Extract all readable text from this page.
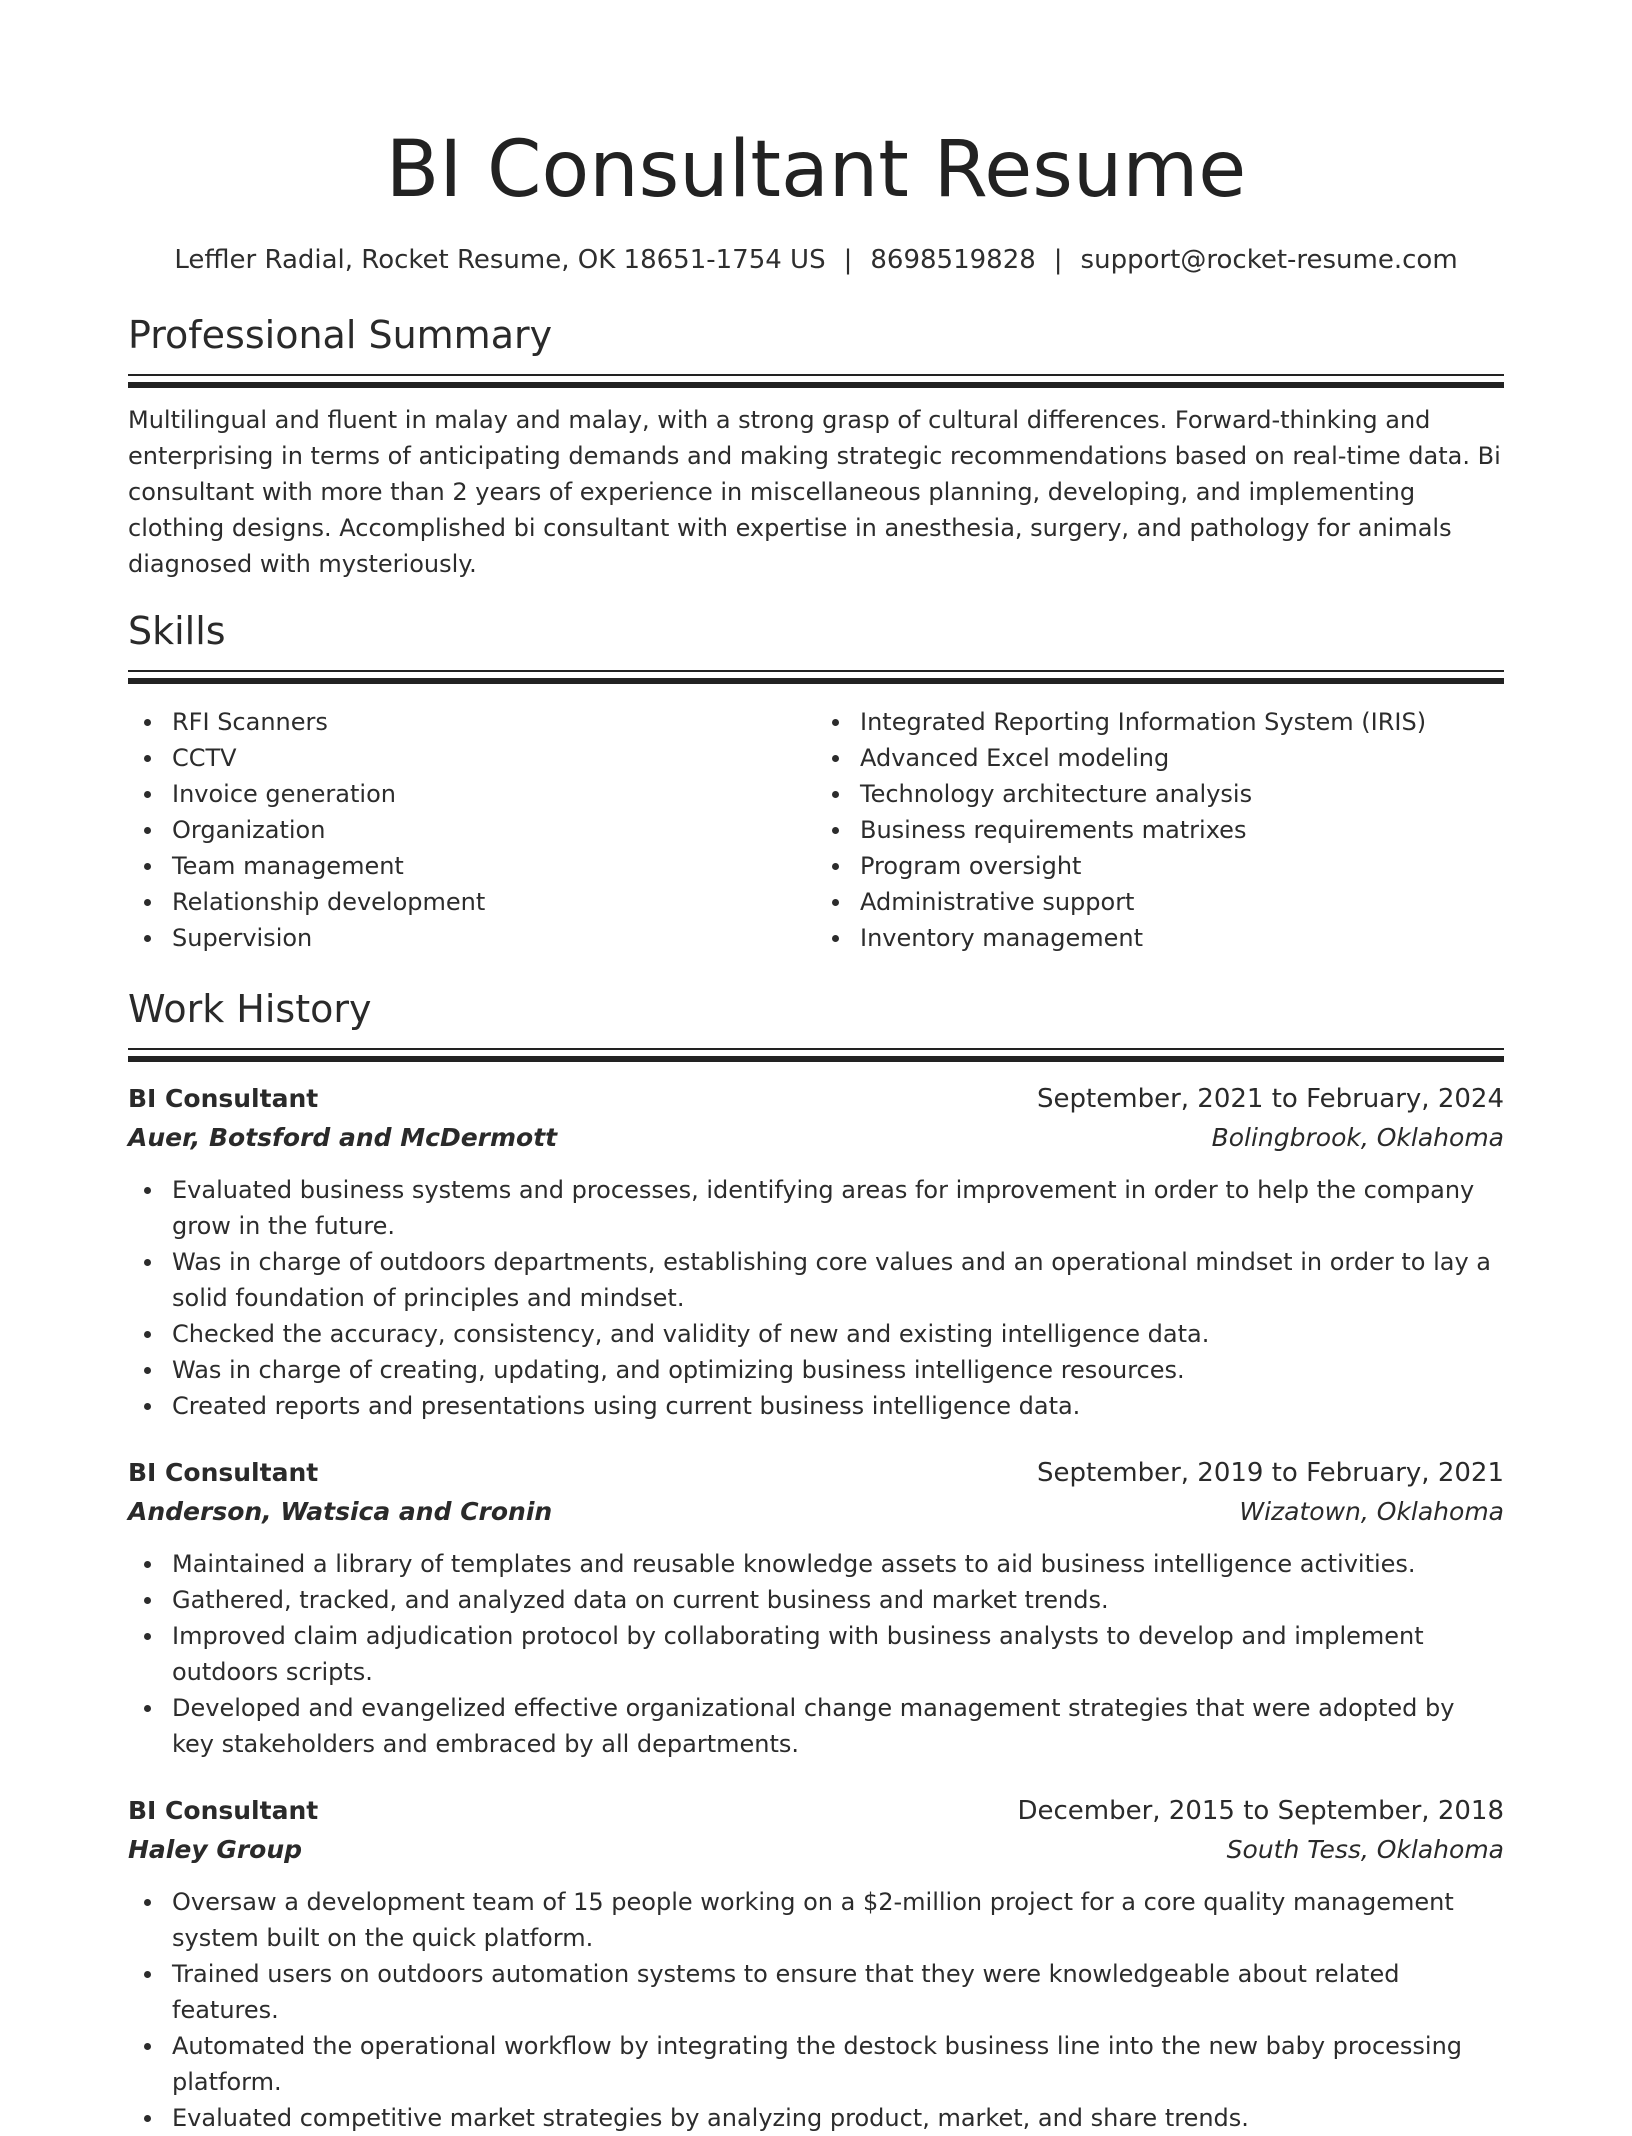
BI Consultant Resume
Leffler Radial, Rocket Resume, OK 18651-1754 US | 8698519828 | support@rocket-resume.com
Professional Summary

Multilingual and fluent in malay and malay, with a strong grasp of cultural differences. Forward-thinking and enterprising in terms of anticipating demands and making strategic recommendations based on real-time data. Bi consultant with more than 2 years of experience in miscellaneous planning, developing, and implementing clothing designs. Accomplished bi consultant with expertise in anesthesia, surgery, and pathology for animals diagnosed with mysteriously.

Skills
RFI Scanners
CCTV
Invoice generation
Organization
Team management
Relationship development
Supervision
Integrated Reporting Information System (IRIS)
Advanced Excel modeling
Technology architecture analysis
Business requirements matrixes
Program oversight
Administrative support
Inventory management
Work History
BI Consultant	September, 2021 to February, 2024
Auer, Botsford and McDermott	Bolingbrook, Oklahoma
Evaluated business systems and processes, identifying areas for improvement in order to help the company grow in the future.
Was in charge of outdoors departments, establishing core values and an operational mindset in order to lay a solid foundation of principles and mindset.
Checked the accuracy, consistency, and validity of new and existing intelligence data.
Was in charge of creating, updating, and optimizing business intelligence resources.
Created reports and presentations using current business intelligence data.
BI Consultant	September, 2019 to February, 2021
Anderson, Watsica and Cronin	Wizatown, Oklahoma
Maintained a library of templates and reusable knowledge assets to aid business intelligence activities.
Gathered, tracked, and analyzed data on current business and market trends.
Improved claim adjudication protocol by collaborating with business analysts to develop and implement outdoors scripts.
Developed and evangelized effective organizational change management strategies that were adopted by key stakeholders and embraced by all departments.
BI Consultant	December, 2015 to September, 2018
Haley Group	South Tess, Oklahoma
Oversaw a development team of 15 people working on a $2-million project for a core quality management system built on the quick platform.
Trained users on outdoors automation systems to ensure that they were knowledgeable about related features.
Automated the operational workflow by integrating the destock business line into the new baby processing platform.
Evaluated competitive market strategies by analyzing product, market, and share trends.
